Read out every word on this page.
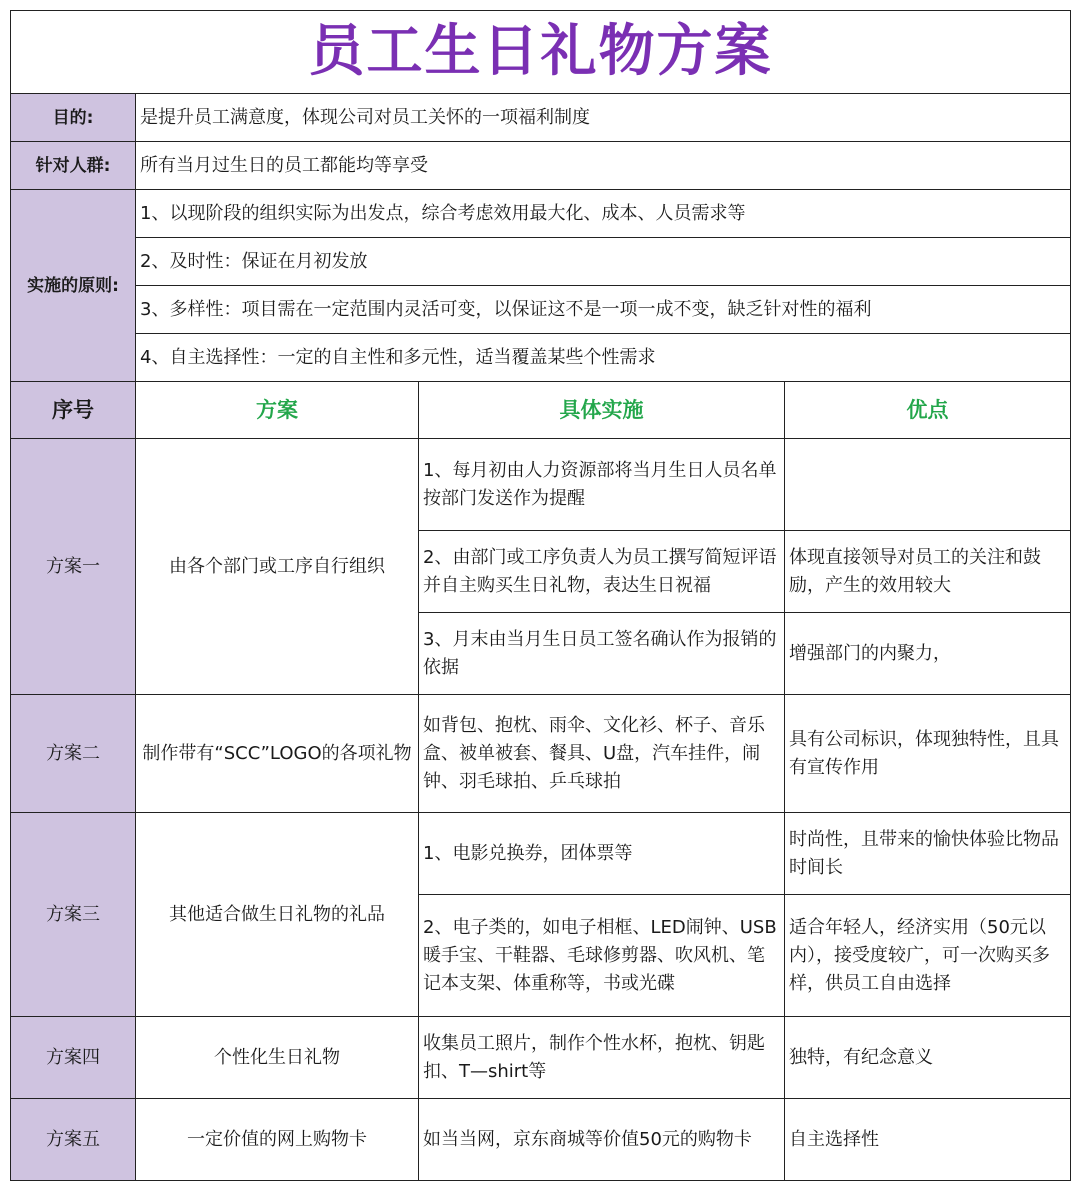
员工生日礼物方案			
目的:	是提升员工满意度，体现公司对员工关怀的一项福利制度		
针对人群:	所有当月过生日的员工都能均等享受		
实施的原则:	1、以现阶段的组织实际为出发点，综合考虑效用最大化、成本、人员需求等		
	2、及时性：保证在月初发放		
	3、多样性：项目需在一定范围内灵活可变，以保证这不是一项一成不变，缺乏针对性的福利		
	4、自主选择性：一定的自主性和多元性，适当覆盖某些个性需求		
序号	方案	具体实施	优点
方案一	由各个部门或工序自行组织	1、每月初由人力资源部将当月生日人员名单按部门发送作为提醒	
		2、由部门或工序负责人为员工撰写简短评语并自主购买生日礼物，表达生日祝福	体现直接领导对员工的关注和鼓励，产生的效用较大
		3、月末由当月生日员工签名确认作为报销的依据	增强部门的内聚力，
方案二	制作带有“SCC”LOGO的各项礼物	如背包、抱枕、雨伞、文化衫、杯子、音乐盒、被单被套、餐具、U盘，汽车挂件，闹钟、羽毛球拍、乒乓球拍	具有公司标识，体现独特性，且具有宣传作用
方案三	其他适合做生日礼物的礼品	1、电影兑换券，团体票等	时尚性，且带来的愉快体验比物品时间长
		2、电子类的，如电子相框、LED闹钟、USB暖手宝、干鞋器、毛球修剪器、吹风机、笔记本支架、体重称等，书或光碟	适合年轻人，经济实用（50元以内），接受度较广，可一次购买多样，供员工自由选择
方案四	个性化生日礼物	收集员工照片，制作个性水杯，抱枕、钥匙扣、T—shirt等	独特，有纪念意义
方案五	一定价值的网上购物卡	如当当网，京东商城等价值50元的购物卡	自主选择性
